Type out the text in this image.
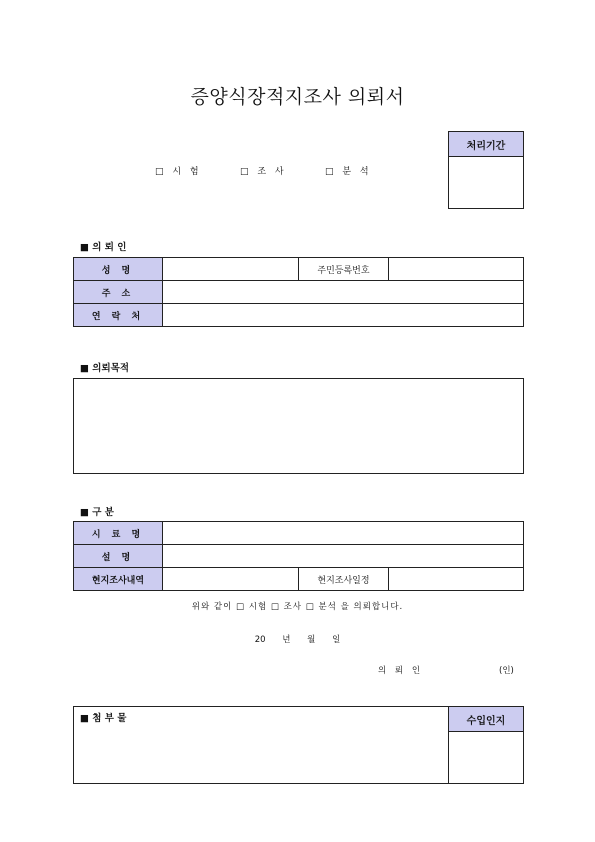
증양식장적지조사 의뢰서
처리기간
□ 시 험	□ 조 사	□ 분 석
■ 의 뢰 인
성 명		주민등록번호	
주 소			
연 락 처			
■ 의뢰목적
■ 구 분
시 료 명			
설 명			
현지조사내역		현지조사일정	
위와 같이 □ 시험 □ 조사 □ 분석 을 의뢰합니다.
20 년 월 일
의 뢰 인	(인)
■ 첨 부 물	수입인지
